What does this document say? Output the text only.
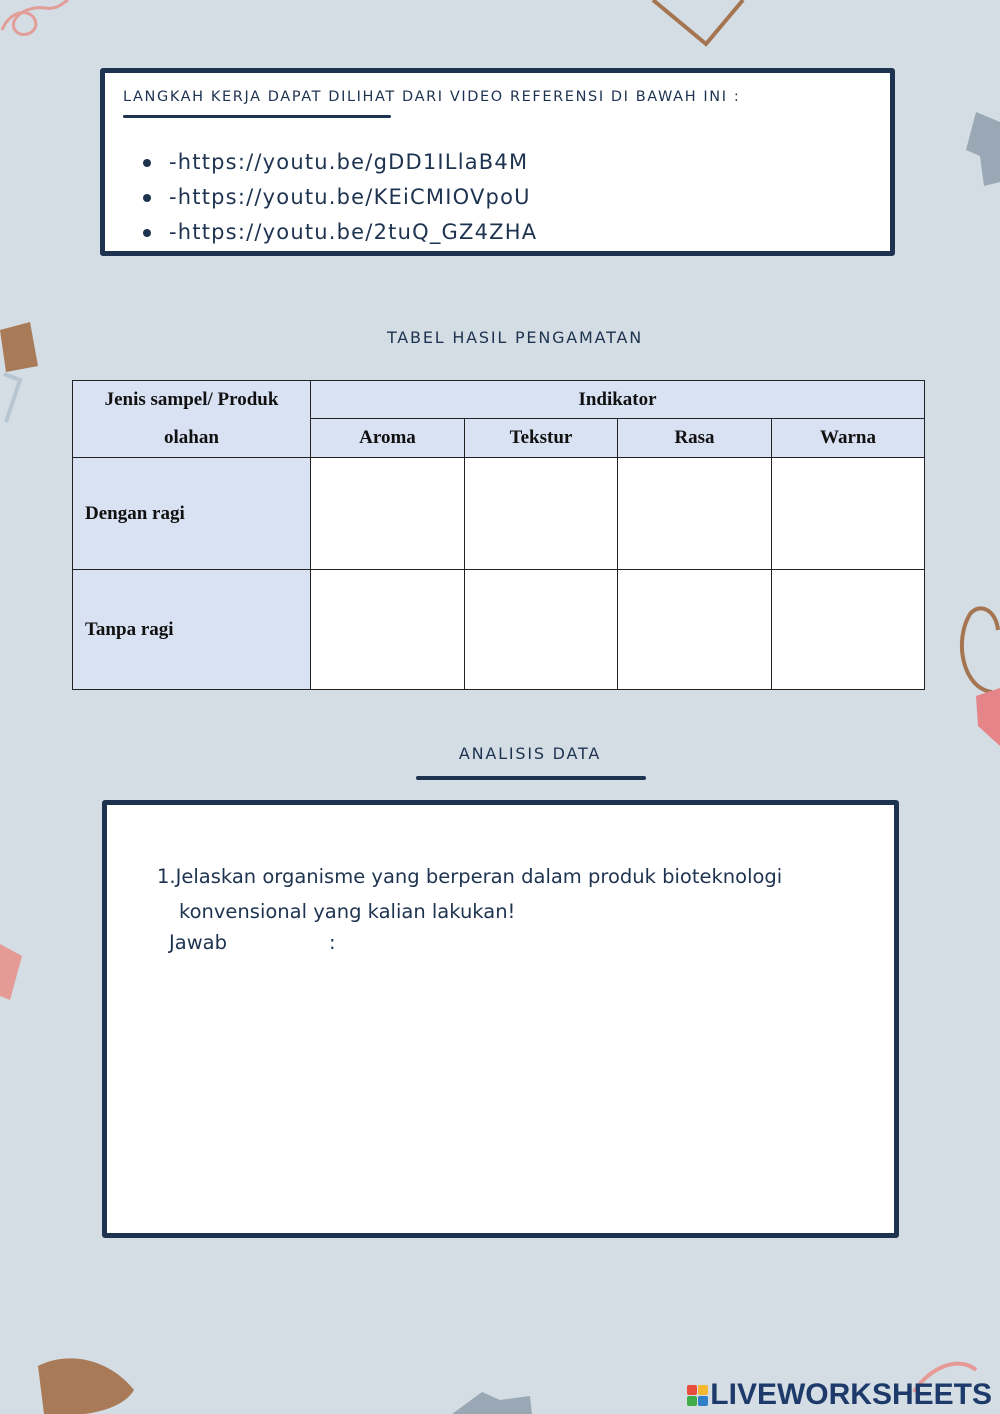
LANGKAH KERJA DAPAT DILIHAT DARI VIDEO REFERENSI DI BAWAH INI :
-https://youtu.be/gDD1ILlaB4M
-https://youtu.be/KEiCMIOVpoU
-https://youtu.be/2tuQ_GZ4ZHA
TABEL HASIL PENGAMATAN
Jenis sampel/ Produk
olahan	Indikator			
	Aroma	Tekstur	Rasa	Warna
Dengan ragi				
Tanpa ragi				
ANALISIS DATA
1.Jelaskan organisme yang berperan dalam produk bioteknologi
konvensional yang kalian lakukan!
Jawab	:
LIVEWORKSHEETS
